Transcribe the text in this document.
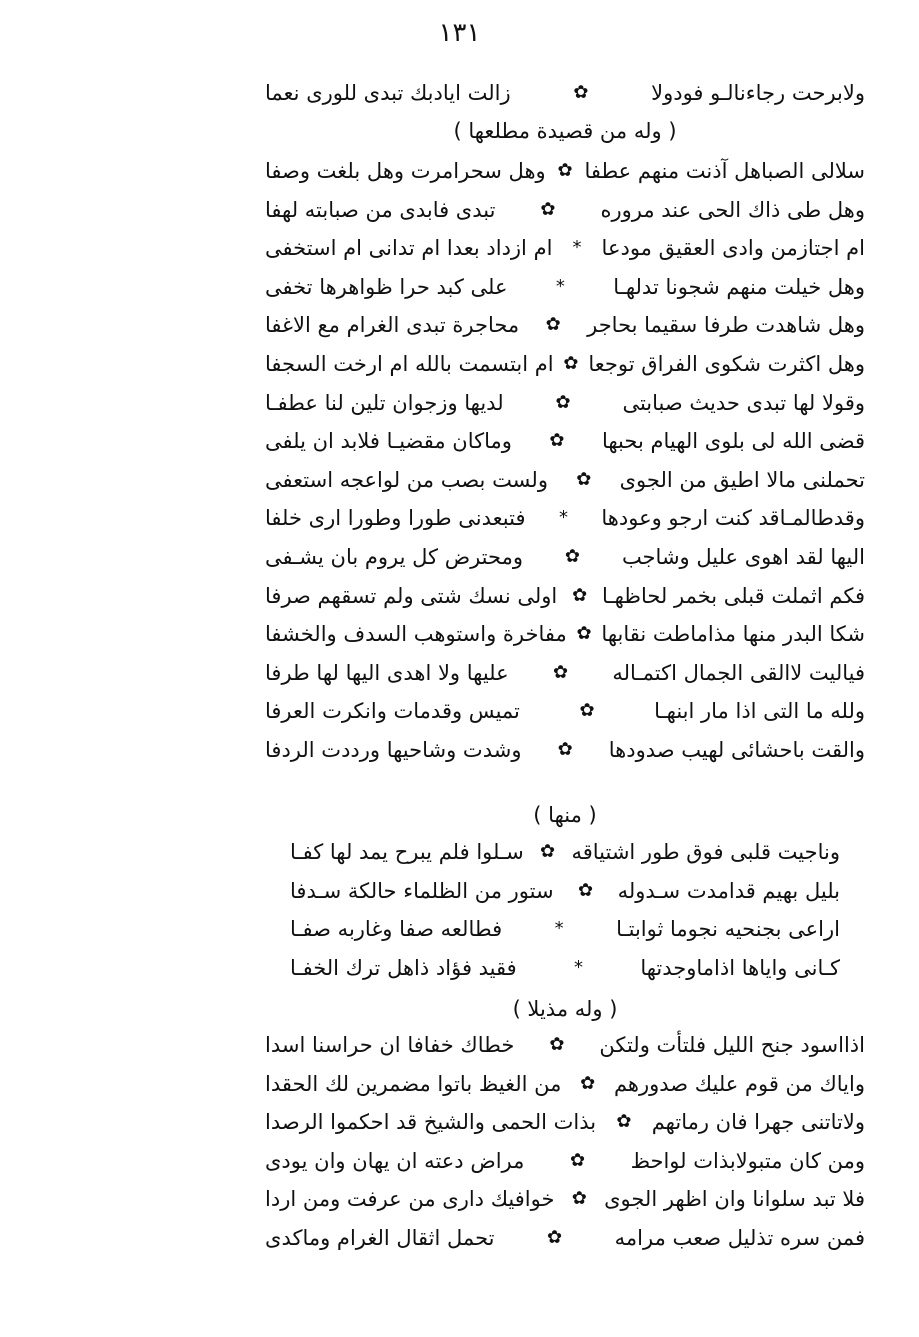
١٣١
ولابرحت رجاءنالـو فودولا
✿
زالت ايادبك تبدى للورى نعما
( وله من قصيدة مطلعها )
سلالى الصباهل آذنت منهم عطفا
✿
وهل سحرامرت وهل بلغت وصفا
وهل طى ذاك الحى عند مروره
✿
تبدى فابدى من صبابته لهفا
ام اجتازمن وادى العقيق مودعا
*
ام ازداد بعدا ام تدانى ام استخفى
وهل خيلت منهم شجونا تدلهـا
*
على كبد حرا ظواهرها تخفى
وهل شاهدت طرفا سقيما بحاجر
✿
محاجرة تبدى الغرام مع الاغفا
وهل اكثرت شكوى الفراق توجعا
✿
ام ابتسمت بالله ام ارخت السجفا
وقولا لها تبدى حديث صبابتى
✿
لديها وزجوان تلين لنا عطفـا
قضى الله لى بلوى الهيام بحبها
✿
وماكان مقضيـا فلابد ان يلفى
تحملنى مالا اطيق من الجوى
✿
ولست بصب من لواعجه استعفى
وقدطالمـاقد كنت ارجو وعودها
*
فتبعدنى طورا وطورا ارى خلفا
اليها لقد اهوى عليل وشاجب
✿
ومحترض كل يروم بان يشـفى
فكم اثملت قبلى بخمر لحاظهـا
✿
اولى نسك شتى ولم تسقهم صرفا
شكا البدر منها مذاماطت نقابها
✿
مفاخرة واستوهب السدف والخشفا
فياليت لاالقى الجمال اكتمـاله
✿
عليها ولا اهدى اليها لها طرفا
ولله ما التى اذا مار ابنهـا
✿
تميس وقدمات وانكرت العرفا
والقت باحشائى لهيب صدودها
✿
وشدت وشاحيها ورددت الردفا
( منها )
وناجيت قلبى فوق طور اشتياقه
✿
سـلوا فلم يبرح يمد لها كفـا
بليل بهيم قدامدت سـدوله
✿
ستور من الظلماء حالكة سـدفا
اراعى بجنحيه نجوما ثوابتـا
*
فطالعه صفا وغاربه صفـا
كـانى واياها اذاماوجدتها
*
فقيد فؤاد ذاهل ترك الخفـا
( وله مذيلا )
اذااسود جنح الليل فلتأت ولتكن
✿
خطاك خفافا ان حراسنا اسدا
واياك من قوم عليك صدورهم
✿
من الغيظ باتوا مضمرين لك الحقدا
ولاتاتنى جهرا فان رماتهم
✿
بذات الحمى والشيخ قد احكموا الرصدا
ومن كان متبولابذات لواحظ
✿
مراض دعته ان يهان وان يودى
فلا تبد سلوانا وان اظهر الجوى
✿
خوافيك دارى من عرفت ومن اردا
فمن سره تذليل صعب مرامه
✿
تحمل اثقال الغرام وماكدى
